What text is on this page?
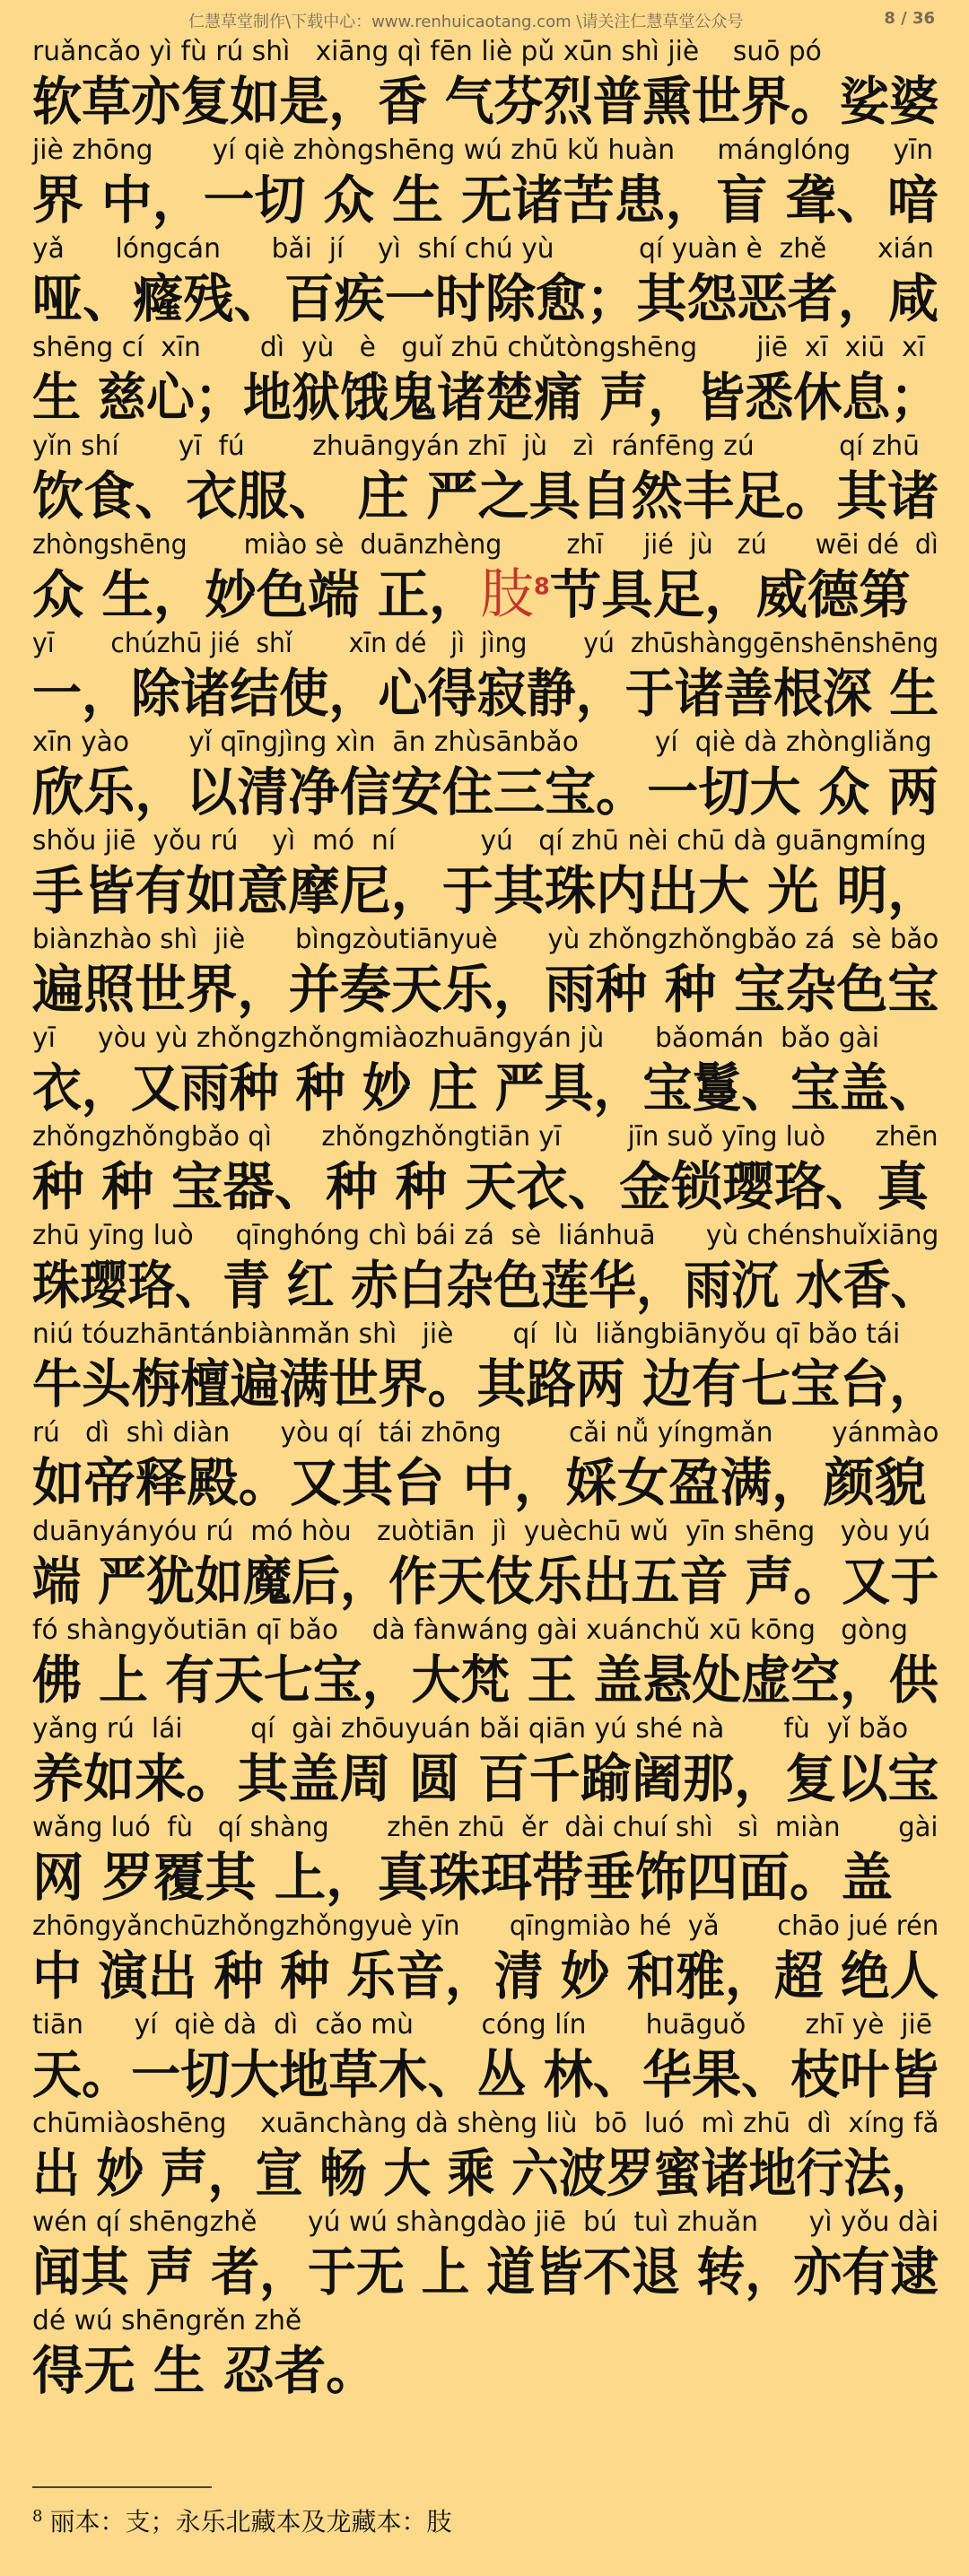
仁慧草堂制作\下载中心：www.renhuicaotang.com \请关注仁慧草堂公众号	8 / 36
ruǎncǎo yì fù rú shì   xiāng qì fēn liè pǔ xūn shì jiè    suō pó
软草亦复如是，香 气芬烈普熏世界。娑婆
jiè zhōng       yí qiè zhòngshēng wú zhū kǔ huàn     mánglóng     yīn
界 中，一切 众 生 无诸苦患，盲 聋、喑
yǎ      lóngcán      bǎi  jí    yì  shí chú yù          qí yuàn è  zhě      xián
哑、癃残、百疾一时除愈；其怨恶者，咸
shēng cí  xīn       dì  yù   è   guǐ zhū chǔtòngshēng       jiē  xī  xiū  xī
生 慈心；地狱饿鬼诸楚痛 声，皆悉休息；
yǐn shí       yī  fú        zhuāngyán zhī  jù   zì  ránfēng zú          qí zhū
饮食、衣服、 庄 严之具自然丰足。其诸
zhòngshēng       miào sè  duānzhèng        zhī     jié  jù   zú      wēi dé  dì
众 生，妙色端 正，肢$^8$节具足，威德第
yī       chúzhū jié  shǐ       xīn dé   jì  jìng       yú  zhūshànggēnshēnshēng
一，除诸结使，心得寂静，于诸善根深 生
xīn yào       yǐ qīngjìng xìn  ān zhùsānbǎo         yí  qiè dà zhòngliǎng
欣乐，以清净信安住三宝。一切大 众 两
shǒu jiē  yǒu rú    yì  mó  ní          yú   qí zhū nèi chū dà guāngmíng
手皆有如意摩尼，于其珠内出大 光 明，
biànzhào shì  jiè      bìngzòutiānyuè      yù zhǒngzhǒngbǎo zá  sè bǎo
遍照世界，并奏天乐，雨种 种 宝杂色宝
yī     yòu yù zhǒngzhǒngmiàozhuāngyán jù      bǎomán  bǎo gài
衣，又雨种 种 妙 庄 严具，宝鬘、宝盖、
zhǒngzhǒngbǎo qì      zhǒngzhǒngtiān yī        jīn suǒ yīng luò      zhēn
种 种 宝器、种 种 天衣、金锁璎珞、真
zhū yīng luò     qīnghóng chì bái zá  sè  liánhuā      yù chénshuǐxiāng
珠璎珞、青 红 赤白杂色莲华，雨沉 水香、
niú tóuzhāntánbiànmǎn shì   jiè       qí  lù  liǎngbiānyǒu qī bǎo tái
牛头栴檀遍满世界。其路两 边有七宝台，
rú   dì  shì diàn      yòu qí  tái zhōng        cǎi nǚ yíngmǎn       yánmào
如帝释殿。又其台 中，婇女盈满，颜貌
duānyányóu rú  mó hòu   zuòtiān  jì  yuèchū wǔ  yīn shēng   yòu yú
端 严犹如魔后，作天伎乐出五音 声。又于
fó shàngyǒutiān qī bǎo    dà fànwáng gài xuánchǔ xū kōng   gòng
佛 上 有天七宝，大梵 王 盖悬处虚空，供
yǎng rú  lái        qí  gài zhōuyuán bǎi qiān yú shé nà       fù  yǐ bǎo
养如来。其盖周 圆 百千踰阇那，复以宝
wǎng luó  fù   qí shàng       zhēn zhū  ěr  dài chuí shì   sì  miàn       gài
网 罗覆其 上，真珠珥带垂饰四面。盖
zhōngyǎnchūzhǒngzhǒngyuè yīn      qīngmiào hé  yǎ       chāo jué rén
中 演出 种 种 乐音，清 妙 和雅，超 绝人
tiān      yí  qiè dà  dì  cǎo mù        cóng lín       huāguǒ       zhī yè  jiē
天。一切大地草木、丛 林、华果、枝叶皆
chūmiàoshēng    xuānchàng dà shèng liù  bō  luó  mì zhū  dì  xíng fǎ
出 妙 声，宣 畅 大 乘 六波罗蜜诸地行法，
wén qí shēngzhě      yú wú shàngdào jiē  bú  tuì zhuǎn      yì yǒu dài
闻其 声 者，于无 上 道皆不退 转，亦有逮
dé wú shēngrěn zhě
得无 生 忍者。
$^8$ 丽本：支；永乐北藏本及龙藏本：肢
